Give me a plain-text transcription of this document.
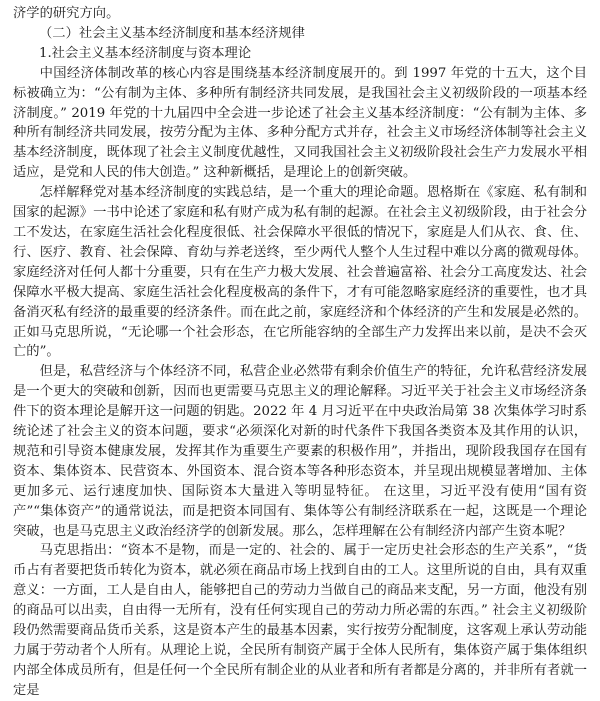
济学的研究方向。

（二）社会主义基本经济制度和基本经济规律

1.社会主义基本经济制度与资本理论

中国经济体制改革的核心内容是围绕基本经济制度展开的。到 1997 年党的十五大，这个目标被确立为：“公有制为主体、多种所有制经济共同发展，是我国社会主义初级阶段的一项基本经济制度。” 2019 年党的十九届四中全会进一步论述了社会主义基本经济制度：“公有制为主体、多种所有制经济共同发展，按劳分配为主体、多种分配方式并存，社会主义市场经济体制等社会主义基本经济制度，既体现了社会主义制度优越性，又同我国社会主义初级阶段社会生产力发展水平相适应，是党和人民的伟大创造。” 这种新概括，是理论上的创新突破。

怎样解释党对基本经济制度的实践总结，是一个重大的理论命题。恩格斯在《家庭、私有制和国家的起源》一书中论述了家庭和私有财产成为私有制的起源。在社会主义初级阶段，由于社会分工不发达，在家庭生活社会化程度很低、社会保障水平很低的情况下，家庭是人们从衣、食、住、行、医疗、教育、社会保障、育幼与养老送终，至少两代人整个人生过程中难以分离的微观母体。家庭经济对任何人都十分重要，只有在生产力极大发展、社会普遍富裕、社会分工高度发达、社会保障水平极大提高、家庭生活社会化程度极高的条件下，才有可能忽略家庭经济的重要性，也才具备消灭私有经济的最重要的经济条件。而在此之前，家庭经济和个体经济的产生和发展是必然的。正如马克思所说，“无论哪一个社会形态，在它所能容纳的全部生产力发挥出来以前，是决不会灭亡的”。

但是，私营经济与个体经济不同，私营企业必然带有剩余价值生产的特征，允许私营经济发展是一个更大的突破和创新，因而也更需要马克思主义的理论解释。习近平关于社会主义市场经济条件下的资本理论是解开这一问题的钥匙。2022 年 4 月习近平在中央政治局第 38 次集体学习时系统论述了社会主义的资本问题，要求“必须深化对新的时代条件下我国各类资本及其作用的认识，规范和引导资本健康发展，发挥其作为重要生产要素的积极作用”，并指出，现阶段我国存在国有资本、集体资本、民营资本、外国资本、混合资本等各种形态资本，并呈现出规模显著增加、主体更加多元、运行速度加快、国际资本大量进入等明显特征。 在这里，习近平没有使用“国有资产”“集体资产”的通常说法，而是把资本同国有、集体等公有制经济联系在一起，这既是一个理论突破，也是马克思主义政治经济学的创新发展。那么，怎样理解在公有制经济内部产生资本呢？

马克思指出：“资本不是物，而是一定的、社会的、属于一定历史社会形态的生产关系”，“货币占有者要把货币转化为资本，就必须在商品市场上找到自由的工人。这里所说的自由，具有双重意义：一方面，工人是自由人，能够把自己的劳动力当做自己的商品来支配，另一方面，他没有别的商品可以出卖，自由得一无所有，没有任何实现自己的劳动力所必需的东西。” 社会主义初级阶段仍然需要商品货币关系，这是资本产生的最基本因素，实行按劳分配制度，这客观上承认劳动能力属于劳动者个人所有。从理论上说，全民所有制资产属于全体人民所有，集体资产属于集体组织内部全体成员所有，但是任何一个全民所有制企业的从业者和所有者都是分离的，并非所有者就一定是
